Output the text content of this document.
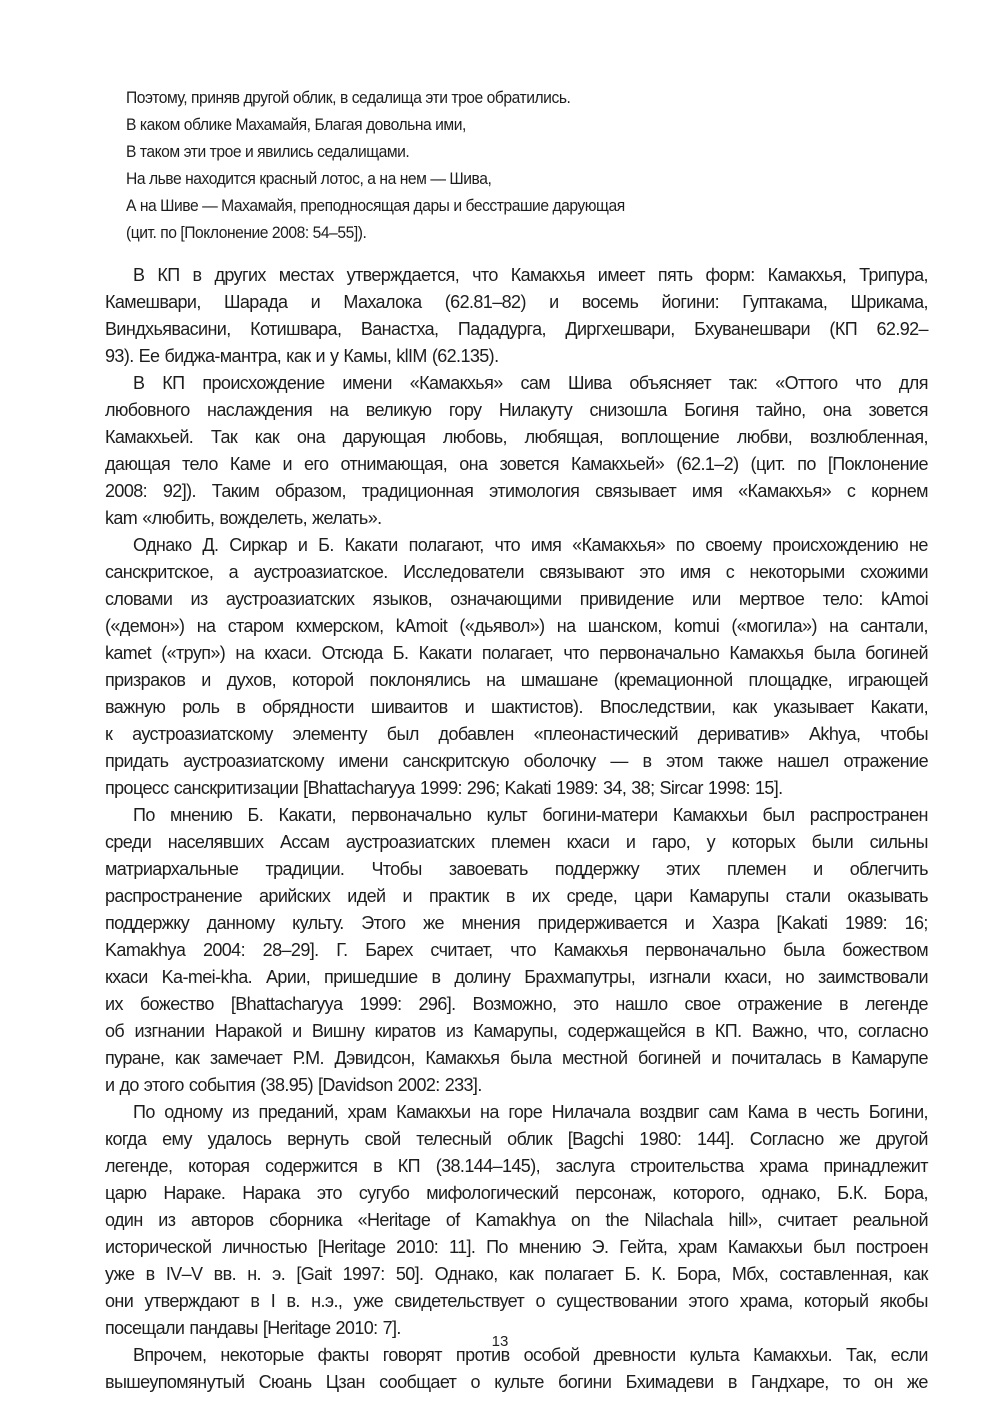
Поэтому, приняв другой облик, в седалища эти трое обратились.
В каком облике Махамайя, Благая довольна ими,
В таком эти трое и явились седалищами.
На льве находится красный лотос, а на нем — Шива,
А на Шиве — Махамайя, преподносящая дары и бесстрашие дарующая
(цит. по [Поклонение 2008: 54–55]).
В КП в других местах утверждается, что Камакхья имеет пять форм: Камакхья, Трипура,
Камешвари, Шарада и Махалока (62.81–82) и восемь йогини: Гуптакама, Шрикама,
Виндхьявасини, Котишвара, Ванастха, Пададурга, Диргхешвари, Бхуванешвари (КП 62.92–
93). Ее биджа-мантра, как и у Камы, klIM (62.135).
В КП происхождение имени «Камакхья» сам Шива объясняет так: «Оттого что для
любовного наслаждения на великую гору Нилакуту снизошла Богиня тайно, она зовется
Камакхьей. Так как она дарующая любовь, любящая, воплощение любви, возлюбленная,
дающая тело Каме и его отнимающая, она зовется Камакхьей» (62.1–2) (цит. по [Поклонение
2008: 92]). Таким образом, традиционная этимология связывает имя «Камакхья» с корнем
kam «любить, вожделеть, желать».
Однако Д. Сиркар и Б. Какати полагают, что имя «Камакхья» по своему происхождению не
санскритское, а аустроазиатское. Исследователи связывают это имя с некоторыми схожими
словами из аустроазиатских языков, означающими привидение или мертвое тело: kAmoi
(«демон») на старом кхмерском, kAmoit («дьявол») на шанском, komui («могила») на сантали,
kamet («труп») на кхаси. Отсюда Б. Какати полагает, что первоначально Камакхья была богиней
призраков и духов, которой поклонялись на шмашане (кремационной площадке, играющей
важную роль в обрядности шиваитов и шактистов). Впоследствии, как указывает Какати,
к аустроазиатскому элементу был добавлен «плеонастический дериватив» Akhya, чтобы
придать аустроазиатскому имени санскритскую оболочку — в этом также нашел отражение
процесс санскритизации [Bhattacharyya 1999: 296; Kakati 1989: 34, 38; Sircar 1998: 15].
По мнению Б. Какати, первоначально культ богини-матери Камакхьи был распространен
среди населявших Ассам аустроазиатских племен кхаси и гаро, у которых были сильны
матриархальные традиции. Чтобы завоевать поддержку этих племен и облегчить
распространение арийских идей и практик в их среде, цари Камарупы стали оказывать
поддержку данному культу. Этого же мнения придерживается и Хазра [Kakati 1989: 16;
Kamakhya 2004: 28–29]. Г. Барех считает, что Камакхья первоначально была божеством
кхаси Ka-mei-kha. Арии, пришедшие в долину Брахмапутры, изгнали кхаси, но заимствовали
их божество [Bhattacharyya 1999: 296]. Возможно, это нашло свое отражение в легенде
об изгнании Наракой и Вишну киратов из Камарупы, содержащейся в КП. Важно, что, согласно
пуране, как замечает Р.М. Дэвидсон, Камакхья была местной богиней и почиталась в Камарупе
и до этого события (38.95) [Davidson 2002: 233].
По одному из преданий, храм Камакхьи на горе Нилачала воздвиг сам Кама в честь Богини,
когда ему удалось вернуть свой телесный облик [Bagchi 1980: 144]. Согласно же другой
легенде, которая содержится в КП (38.144–145), заслуга строительства храма принадлежит
царю Нараке. Нарака это сугубо мифологический персонаж, которого, однако, Б.К. Бора,
один из авторов сборника «Heritage of Kamakhya on the Nilachala hill», считает реальной
исторической личностью [Heritage 2010: 11]. По мнению Э. Гейта, храм Камакхьи был построен
уже в IV–V вв. н. э. [Gait 1997: 50]. Однако, как полагает Б. К. Бора, Мбх, составленная, как
они утверждают в I в. н.э., уже свидетельствует о существовании этого храма, который якобы
посещали пандавы [Heritage 2010: 7].
Впрочем, некоторые факты говорят против особой древности культа Камакхьи. Так, если
вышеупомянутый Сюань Цзан сообщает о культе богини Бхимадеви в Гандхаре, то он же
13
